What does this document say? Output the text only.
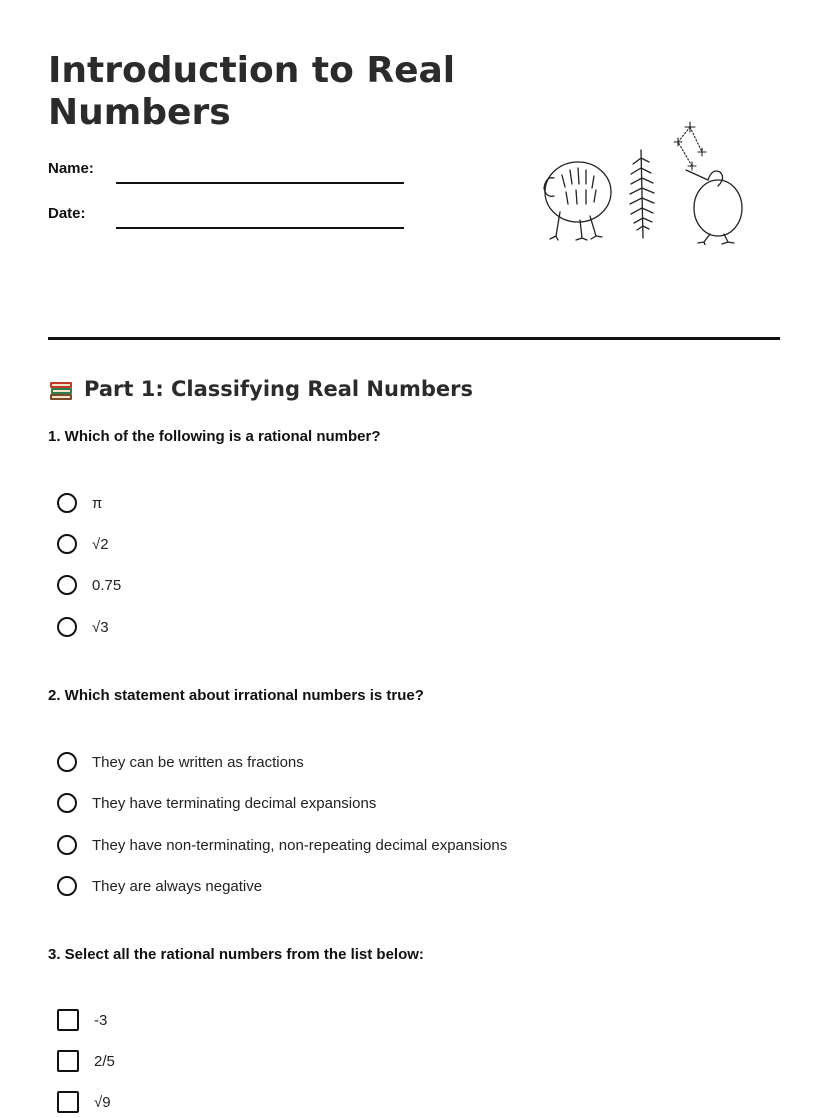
Introduction to Real
Numbers
Name:
Date:
Part 1: Classifying Real Numbers
1. Which of the following is a rational number?
π
√2
0.75
√3
2. Which statement about irrational numbers is true?
They can be written as fractions
They have terminating decimal expansions
They have non-terminating, non-repeating decimal expansions
They are always negative
3. Select all the rational numbers from the list below:
-3
2/5
√9
